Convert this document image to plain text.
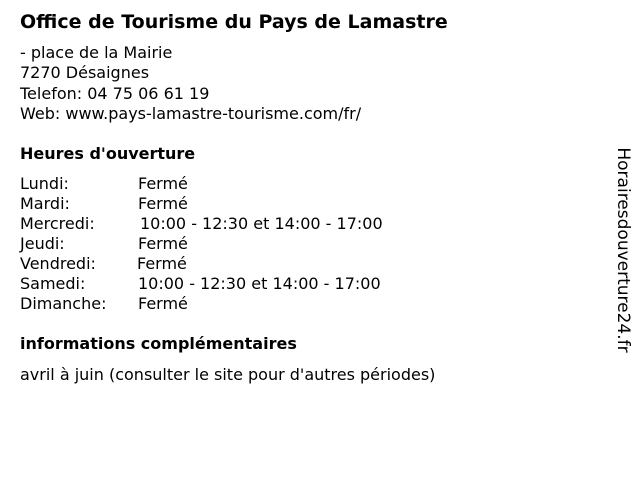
Office de Tourisme du Pays de Lamastre
- place de la Mairie
7270 Désaignes
Telefon: 04 75 06 61 19
Web: www.pays-lamastre-tourisme.com/fr/
Heures d'ouverture
Lundi:	Fermé
Mardi:	Fermé
Mercredi:	10:00 - 12:30 et 14:00 - 17:00
Jeudi:	Fermé
Vendredi:	Fermé
Samedi:	10:00 - 12:30 et 14:00 - 17:00
Dimanche: Fermé
informations complémentaires
avril à juin (consulter le site pour d'autres périodes)
Horairesdouverture24.fr
